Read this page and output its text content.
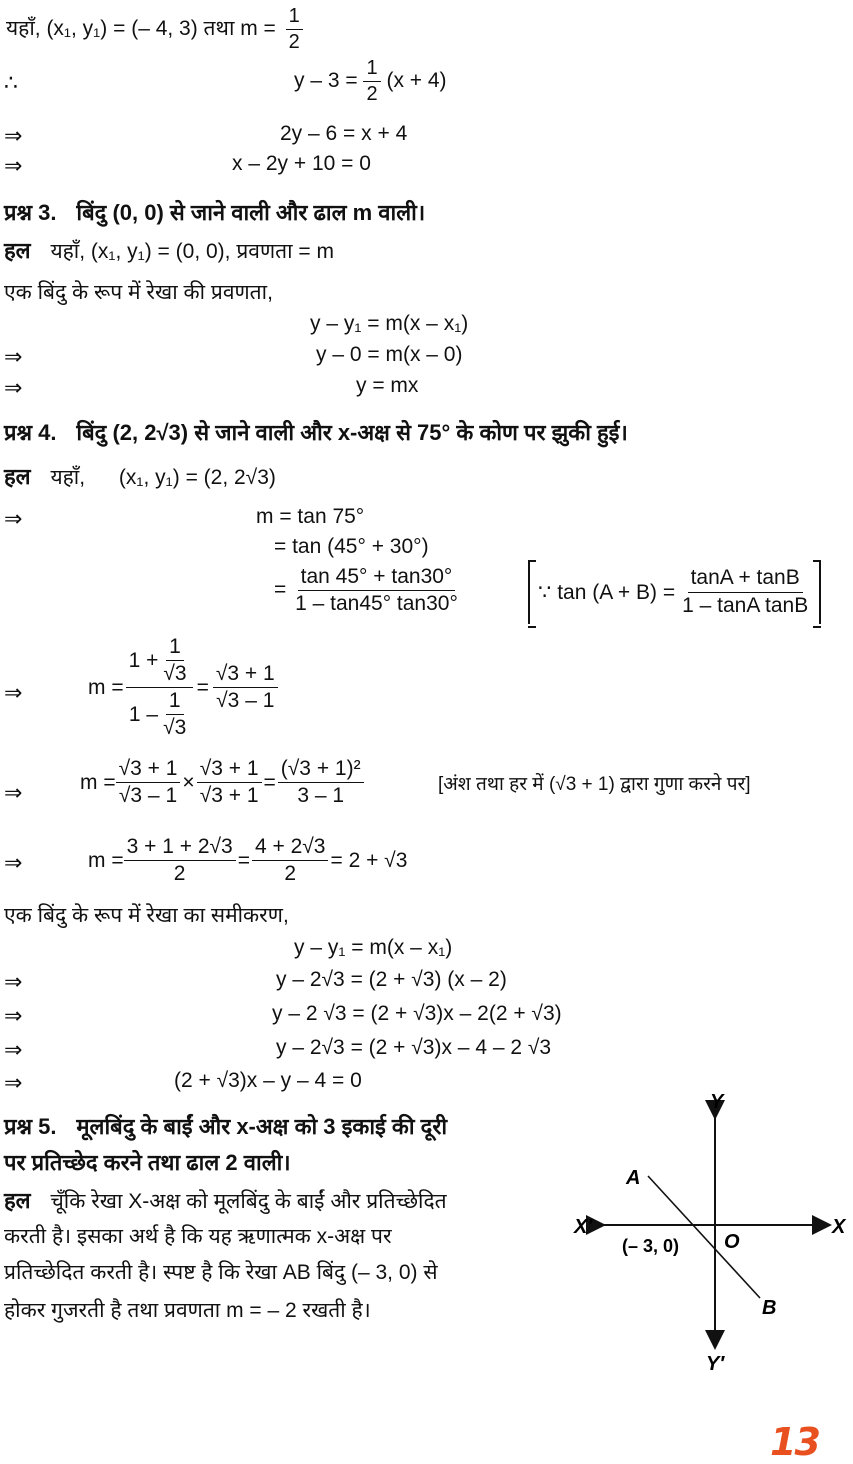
यहाँ, (x₁, y₁) = (– 4, 3) तथा $m = \frac{1}{2}$
∴	$y - 3 = \frac{1}{2} (x + 4)$
⇒	2y – 6 = x + 4
⇒	x – 2y + 10 = 0
प्रश्न 3. बिंदु (0, 0) से जाने वाली और ढाल m वाली।
हल यहाँ, (x₁, y₁) = (0, 0), प्रवणता = m
एक बिंदु के रूप में रेखा की प्रवणता,
y – y₁ = m(x – x₁)
⇒	y – 0 = m(x – 0)
⇒	y = mx
प्रश्न 4. बिंदु (2, 2√3) से जाने वाली और x-अक्ष से 75° के कोण पर झुकी हुई।
हल यहाँ, (x₁, y₁) = (2, 2√3)
⇒	m = tan 75°
= tan (45° + 30°)
= $\frac{\tan 45^\circ + \tan 30^\circ}{1 - \tan 45^\circ \tan 30^\circ}$	∵ $\tan (A + B) = \frac{\tan A + \tan B}{\text{1 – tanA tanB}}$
⇒	$m = \frac{1 + \frac{1}{√3}}{1 - \frac{1}{√3}} = \frac{√3 + 1}{√3 - 1}$
⇒	$m = \frac{√3 + 1}{√3 - 1} \times \frac{√3 + 1}{√3 + 1} = \frac{\text{(√3 + 1)²}}{3 - 1}$	[अंश तथा हर में (√3 + 1) द्वारा गुणा करने पर]
⇒	$m = \frac{3 + 1 + 2√3}{2} = \frac{4 + 2√3}{2} = 2 + √3$
एक बिंदु के रूप में रेखा का समीकरण,
y – y₁ = m(x – x₁)
⇒	y – 2√3 = (2 + √3) (x – 2)
⇒	y – 2 √3 = (2 + √3)x – 2(2 + √3)
⇒	y – 2√3 = (2 + √3)x – 4 – 2 √3
⇒	(2 + √3)x – y – 4 = 0
प्रश्न 5. मूलबिंदु के बाईं और x-अक्ष को 3 इकाई की दूरी
पर प्रतिच्छेद करने तथा ढाल 2 वाली।
हल चूँकि रेखा X-अक्ष को मूलबिंदु के बाईं और प्रतिच्छेदित
करती है। इसका अर्थ है कि यह ऋणात्मक x-अक्ष पर
प्रतिच्छेदित करती है। स्पष्ट है कि रेखा AB बिंदु (– 3, 0) से
होकर गुजरती है तथा प्रवणता m = – 2 रखती है।
Y
Y′
X
X′
A
B
O
(– 3, 0)
13
